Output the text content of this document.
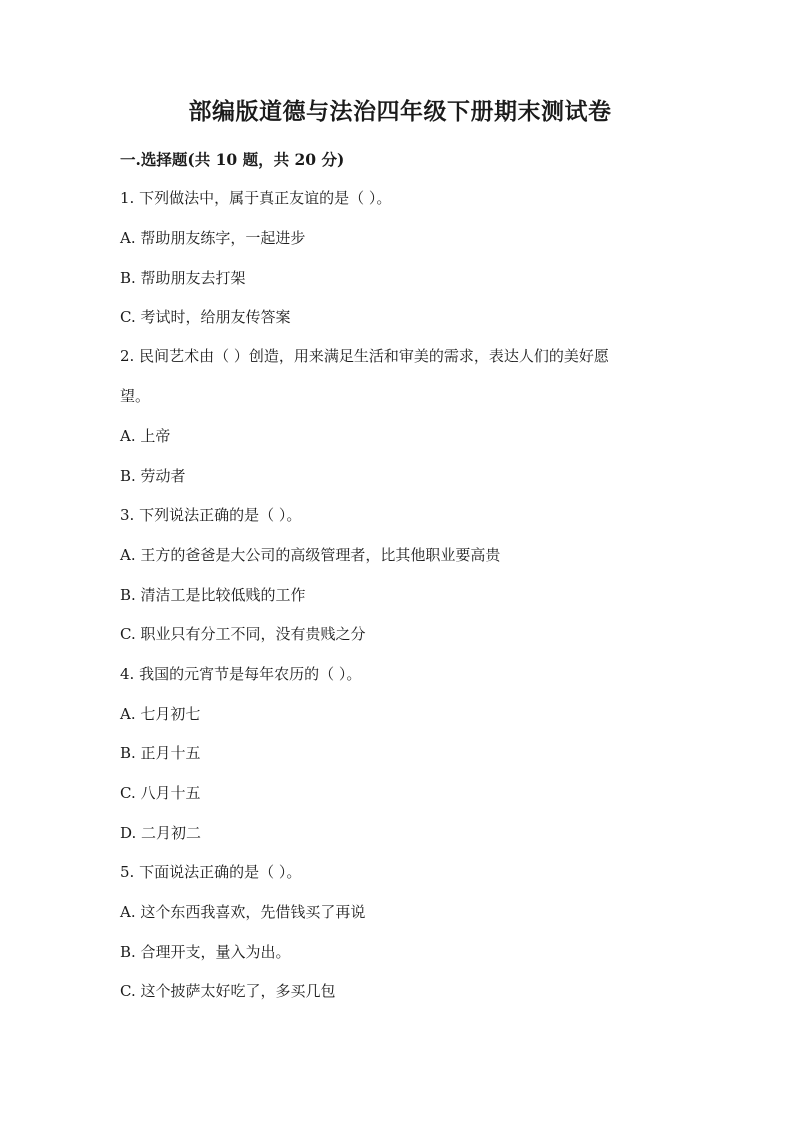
部编版道德与法治四年级下册期末测试卷
一.选择题(共 10 题，共 20 分)
1. 下列做法中，属于真正友谊的是（ ）。
A. 帮助朋友练字，一起进步
B. 帮助朋友去打架
C. 考试时，给朋友传答案
2. 民间艺术由（ ）创造，用来满足生活和审美的需求，表达人们的美好愿
望。
A. 上帝
B. 劳动者
3. 下列说法正确的是（ ）。
A. 王方的爸爸是大公司的高级管理者，比其他职业要高贵
B. 清洁工是比较低贱的工作
C. 职业只有分工不同，没有贵贱之分
4. 我国的元宵节是每年农历的（ ）。
A. 七月初七
B. 正月十五
C. 八月十五
D. 二月初二
5. 下面说法正确的是（ ）。
A. 这个东西我喜欢，先借钱买了再说
B. 合理开支，量入为出。
C. 这个披萨太好吃了，多买几包
